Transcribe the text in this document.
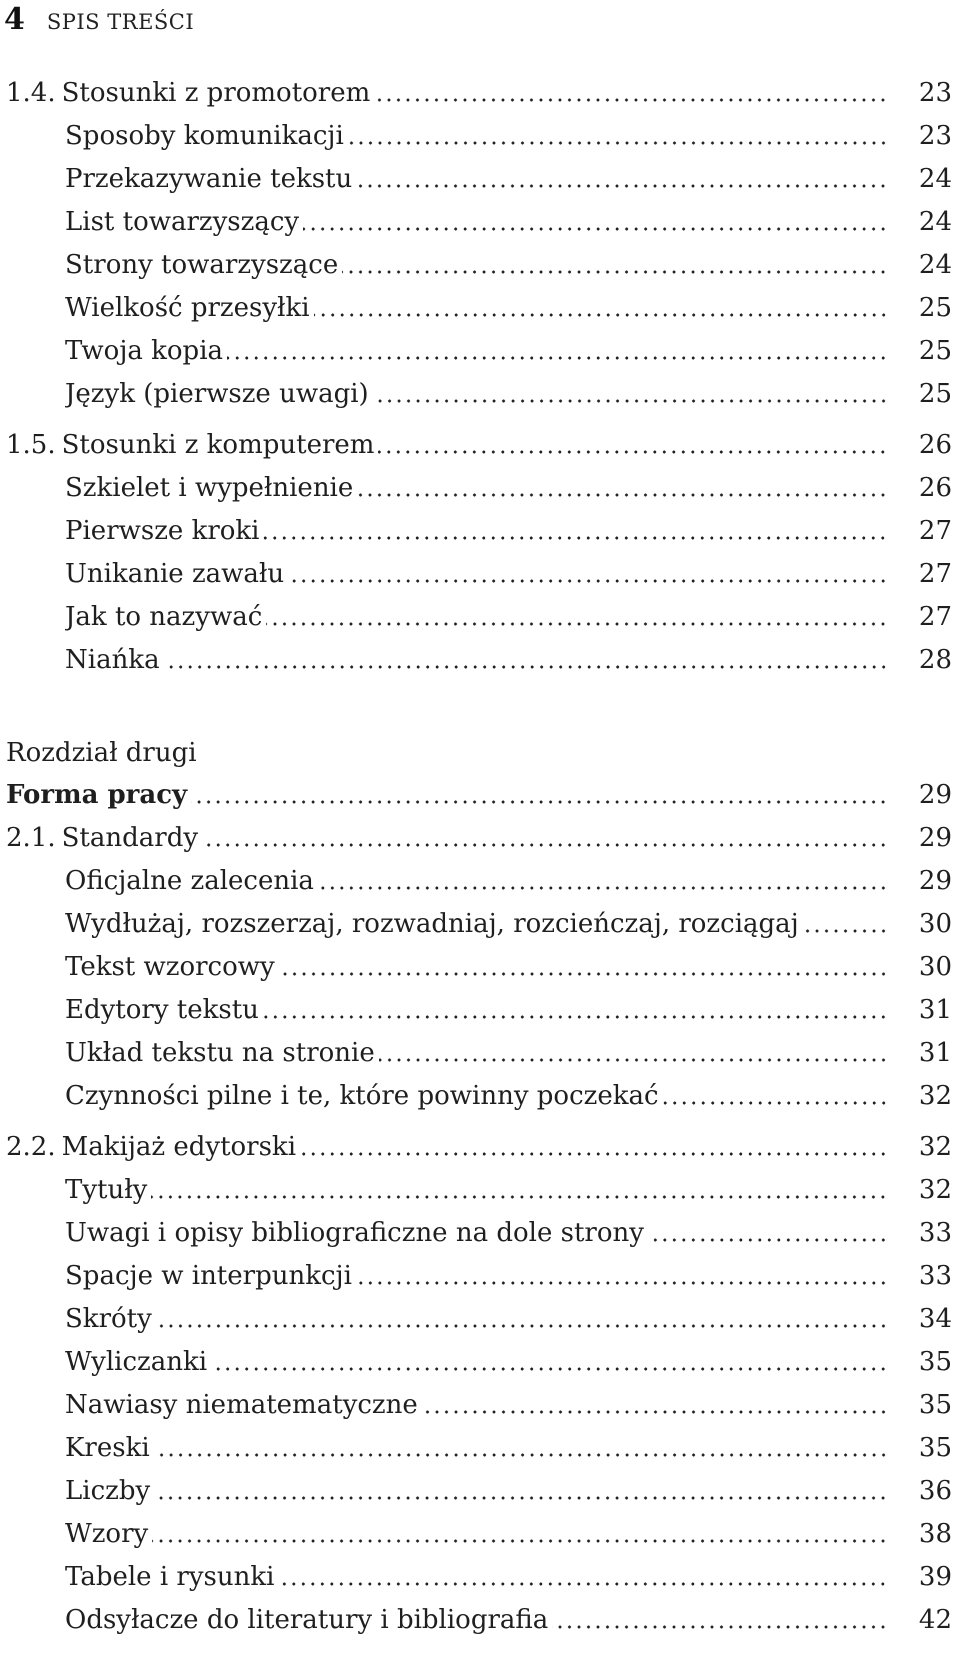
4 SPIS TREŚCI
1.4. Stosunki z promotorem	23
Sposoby komunikacji	23
Przekazywanie tekstu	24
List towarzyszący	24
Strony towarzyszące	24
Wielkość przesyłki	25
Twoja kopia	25
Język (pierwsze uwagi)	25
1.5. Stosunki z komputerem	26
Szkielet i wypełnienie	26
Pierwsze kroki	27
Unikanie zawału	27
Jak to nazywać	27
Niańka	28
Rozdział drugi
Forma pracy	29
2.1. Standardy	29
Oficjalne zalecenia	29
Wydłużaj, rozszerzaj, rozwadniaj, rozcieńczaj, rozciągaj	30
Tekst wzorcowy	30
Edytory tekstu	31
Układ tekstu na stronie	31
Czynności pilne i te, które powinny poczekać	32
2.2. Makijaż edytorski	32
Tytuły	32
Uwagi i opisy bibliograficzne na dole strony	33
Spacje w interpunkcji	33
Skróty	34
Wyliczanki	35
Nawiasy niematematyczne	35
Kreski	35
Liczby	36
Wzory	38
Tabele i rysunki	39
Odsyłacze do literatury i bibliografia	42
